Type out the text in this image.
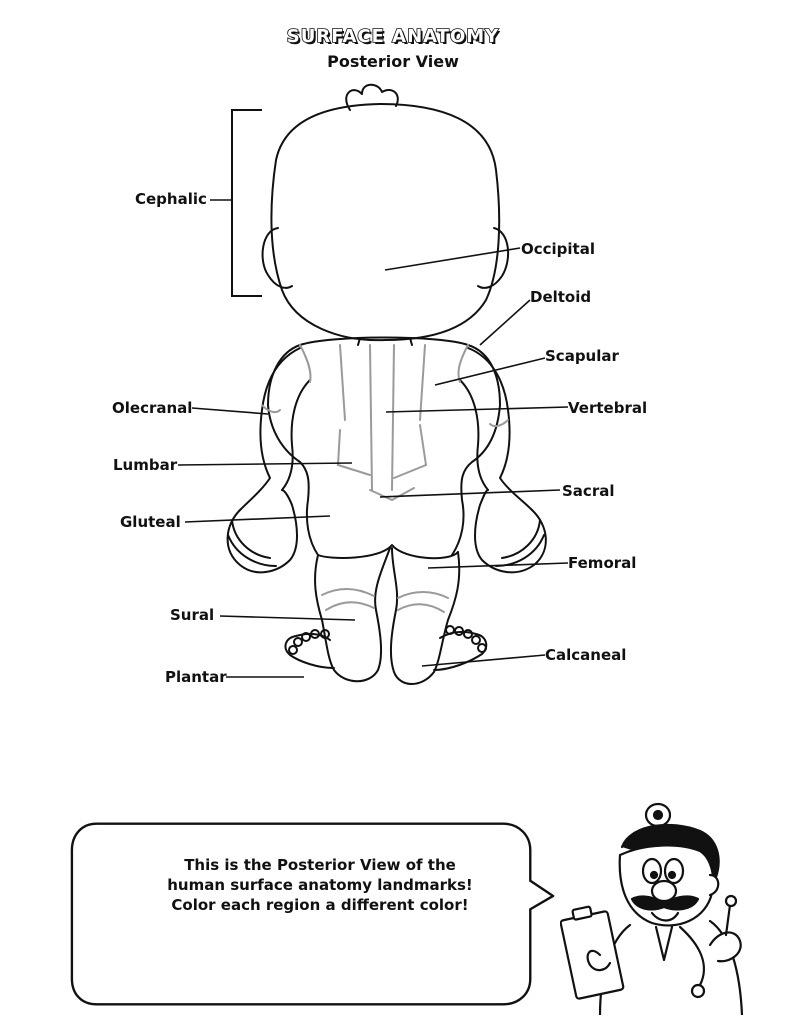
SURFACE ANATOMY
Posterior View
Cephalic
Occipital
Deltoid
Scapular
Olecranal	Vertebral
Lumbar
Sacral
Gluteal
Femoral
Sural
Calcaneal
Plantar
This is the Posterior View of the
human surface anatomy landmarks!
Color each region a different color!
